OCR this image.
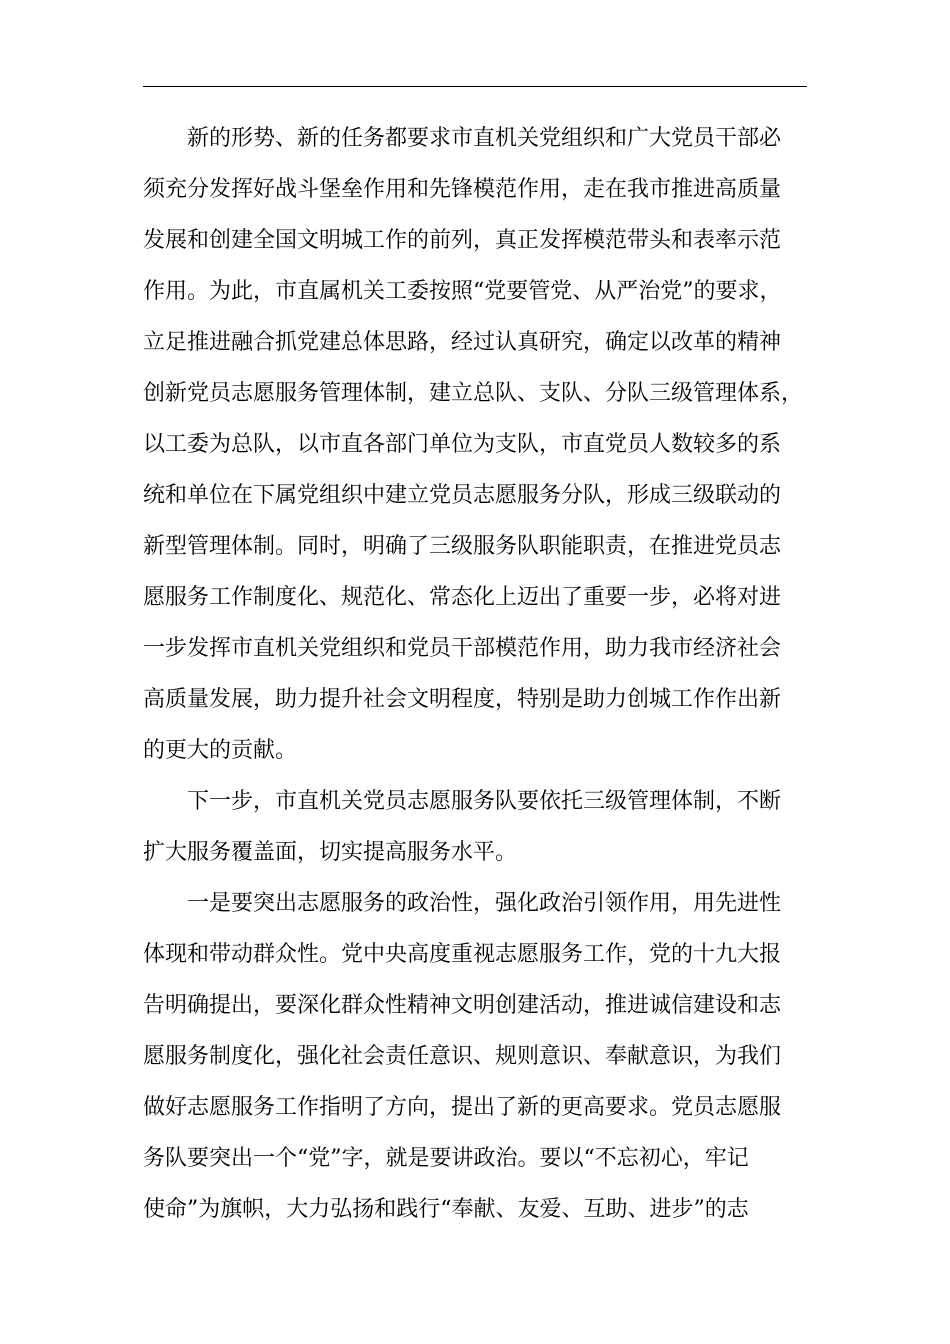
新的形势、新的任务都要求市直机关党组织和广大党员干部必
须充分发挥好战斗堡垒作用和先锋模范作用，走在我市推进高质量
发展和创建全国文明城工作的前列，真正发挥模范带头和表率示范
作用。为此，市直属机关工委按照“党要管党、从严治党”的要求，
立足推进融合抓党建总体思路，经过认真研究，确定以改革的精神
创新党员志愿服务管理体制，建立总队、支队、分队三级管理体系，
以工委为总队，以市直各部门单位为支队，市直党员人数较多的系
统和单位在下属党组织中建立党员志愿服务分队，形成三级联动的
新型管理体制。同时，明确了三级服务队职能职责，在推进党员志
愿服务工作制度化、规范化、常态化上迈出了重要一步，必将对进
一步发挥市直机关党组织和党员干部模范作用，助力我市经济社会
高质量发展，助力提升社会文明程度，特别是助力创城工作作出新
的更大的贡献。

下一步，市直机关党员志愿服务队要依托三级管理体制，不断
扩大服务覆盖面，切实提高服务水平。

一是要突出志愿服务的政治性，强化政治引领作用，用先进性
体现和带动群众性。党中央高度重视志愿服务工作，党的十九大报
告明确提出，要深化群众性精神文明创建活动，推进诚信建设和志
愿服务制度化，强化社会责任意识、规则意识、奉献意识，为我们
做好志愿服务工作指明了方向，提出了新的更高要求。党员志愿服
务队要突出一个“党”字，就是要讲政治。要以“不忘初心，牢记
使命”为旗帜，大力弘扬和践行“奉献、友爱、互助、进步”的志
